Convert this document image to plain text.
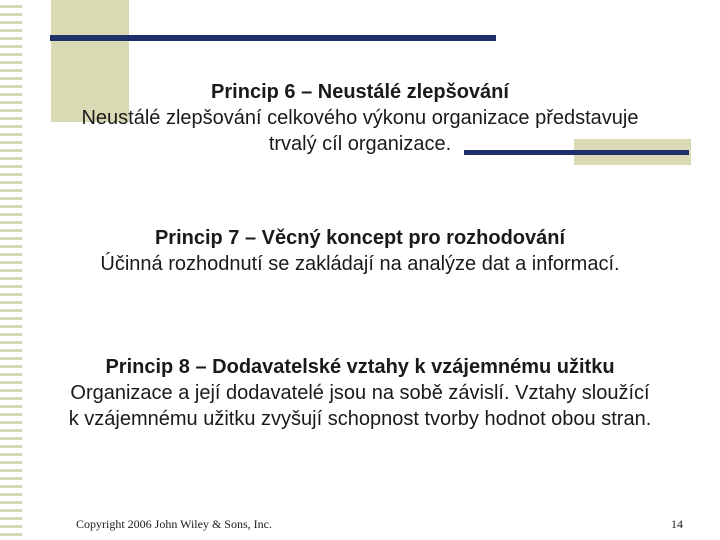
Princip 6 – Neustálé zlepšování
Neustálé zlepšování celkového výkonu organizace představuje
trvalý cíl organizace.
Princip 7 – Věcný koncept pro rozhodování
Účinná rozhodnutí se zakládají na analýze dat a informací.
Princip 8 – Dodavatelské vztahy k vzájemnému užitku
Organizace a její dodavatelé jsou na sobě závislí. Vztahy sloužící
k vzájemnému užitku zvyšují schopnost tvorby hodnot obou stran.
Copyright 2006 John Wiley & Sons, Inc.	14
